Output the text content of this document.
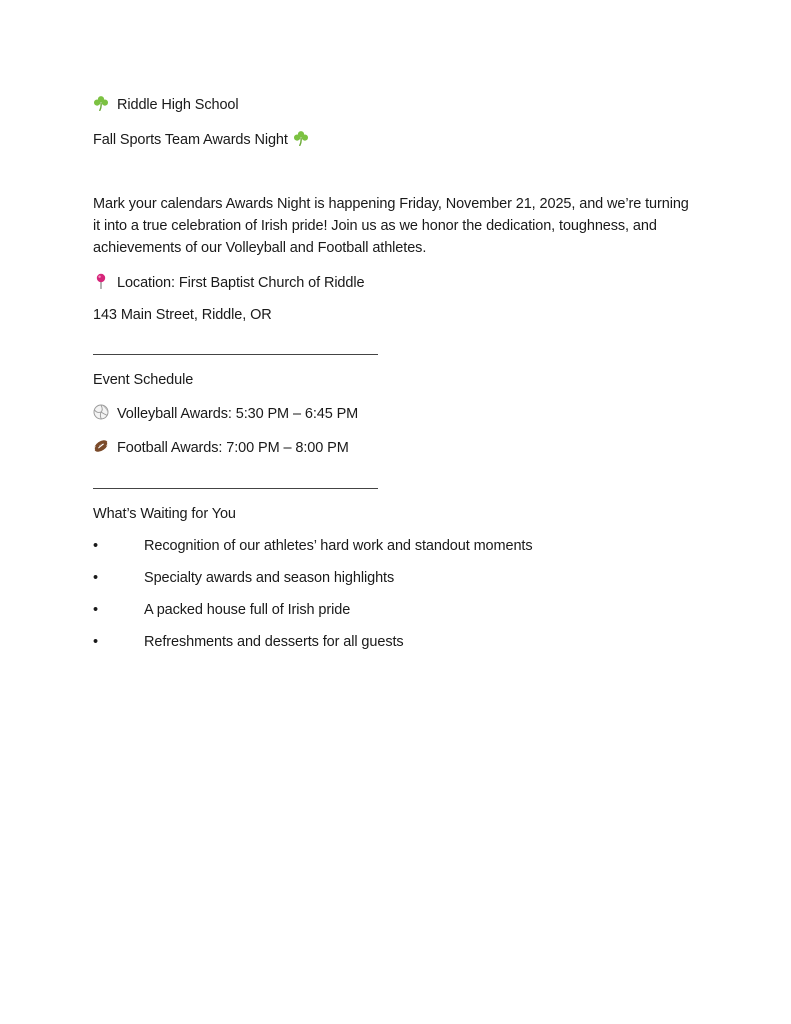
Riddle High School
Fall Sports Team Awards Night
Mark your calendars Awards Night is happening Friday, November 21, 2025, and we’re turning it into a true celebration of Irish pride! Join us as we honor the dedication, toughness, and achievements of our Volleyball and Football athletes.
Location: First Baptist Church of Riddle
143 Main Street, Riddle, OR
Event Schedule
Volleyball Awards: 5:30 PM – 6:45 PM
Football Awards: 7:00 PM – 8:00 PM
What’s Waiting for You
•	Recognition of our athletes’ hard work and standout moments
•	Specialty awards and season highlights
•	A packed house full of Irish pride
•	Refreshments and desserts for all guests
